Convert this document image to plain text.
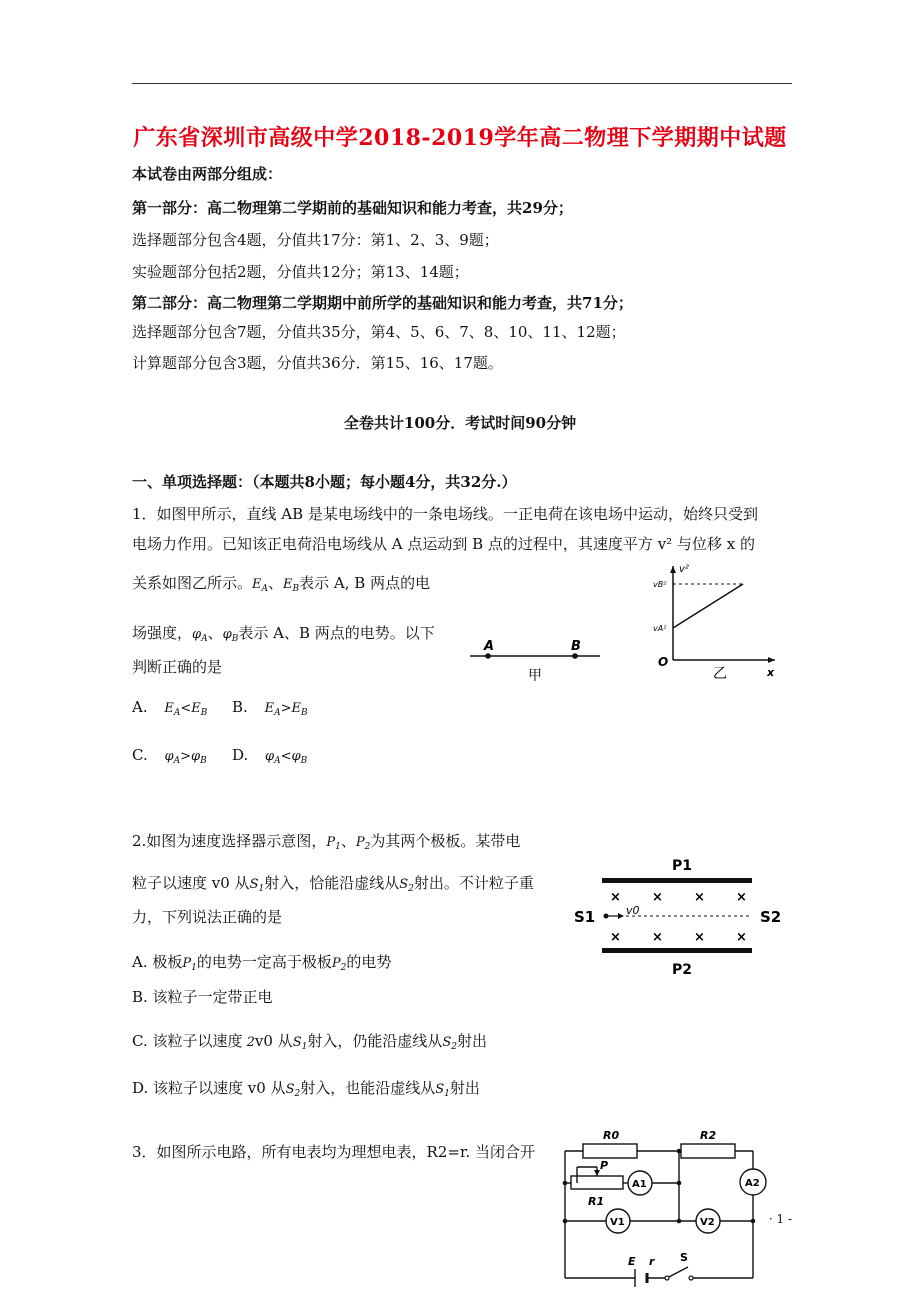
广东省深圳市高级中学2018-2019学年高二物理下学期期中试题
本试卷由两部分组成：
第一部分：高二物理第二学期前的基础知识和能力考查，共29分；
选择题部分包含4题，分值共17分：第1、2、3、9题；
实验题部分包括2题，分值共12分；第13、14题；
第二部分：高二物理第二学期期中前所学的基础知识和能力考查，共71分；
选择题部分包含7题，分值共35分，第4、5、6、7、8、10、11、12题；
计算题部分包含3题，分值共36分．第15、16、17题。
全卷共计100分．考试时间90分钟
一、单项选择题：（本题共8小题；每小题4分，共32分.）
1．如图甲所示，直线 AB 是某电场线中的一条电场线。一正电荷在该电场中运动，始终只受到
电场力作用。已知该正电荷沿电场线从 A 点运动到 B 点的过程中，其速度平方 v² 与位移 x 的
关系如图乙所示。$E_A$、$E_B$表示 A, B 两点的电
场强度，$\varphi_A$、$\varphi_B$表示 A、B 两点的电势。以下
判断正确的是
A. $E_A<E_B$ B. $E_A>E_B$
C. $\varphi_A>\varphi_B$ D. $\varphi_A<\varphi_B$
A	B
甲
v²
vB²
vA²
O
x
乙
2.如图为速度选择器示意图，$P_1$、$P_2$为其两个极板。某带电
粒子以速度 v0 从$S_1$射入，恰能沿虚线从$S_2$射出。不计粒子重
力，下列说法正确的是
A. 极板$P_1$的电势一定高于极板$P_2$的电势
B. 该粒子一定带正电
C. 该粒子以速度 2v0 从$S_1$射入，仍能沿虚线从$S_2$射出
D. 该粒子以速度 v0 从$S_2$射入，也能沿虚线从$S_1$射出
P1
× × × ×
S1	v0	S2
× × × ×
P2
3．如图所示电路，所有电表均为理想电表，R2=r. 当闭合开
R0	R2
P
R1
A1	A2
V1	V2
E r S
· 1 -
